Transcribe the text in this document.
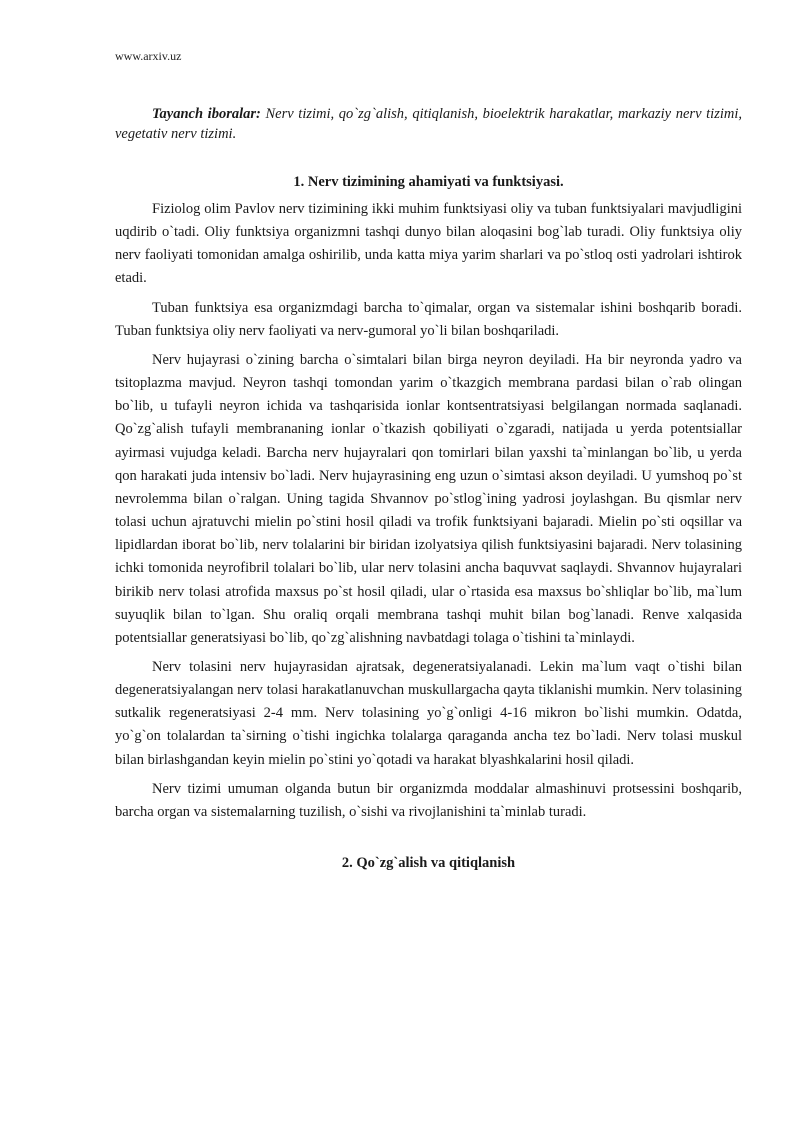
www.arxiv.uz

Tayanch iboralar: Nerv tizimi, qo`zg`alish, qitiqlanish, bioelektrik harakatlar, markaziy nerv tizimi, vegetativ nerv tizimi.

1. Nerv tizimining ahamiyati va funktsiyasi.

Fiziolog olim Pavlov nerv tizimining ikki muhim funktsiyasi oliy va tuban funktsiyalari mavjudligini uqdirib o`tadi. Oliy funktsiya organizmni tashqi dunyo bilan aloqasini bog`lab turadi. Oliy funktsiya oliy nerv faoliyati tomonidan amalga oshirilib, unda katta miya yarim sharlari va po`stloq osti yadrolari ishtirok etadi.

Tuban funktsiya esa organizmdagi barcha to`qimalar, organ va sistemalar ishini boshqarib boradi. Tuban funktsiya oliy nerv faoliyati va nerv-gumoral yo`li bilan boshqariladi.

Nerv hujayrasi o`zining barcha o`simtalari bilan birga neyron deyiladi. Ha bir neyronda yadro va tsitoplazma mavjud. Neyron tashqi tomondan yarim o`tkazgich membrana pardasi bilan o`rab olingan bo`lib, u tufayli neyron ichida va tashqarisida ionlar kontsentratsiyasi belgilangan normada saqlanadi. Qo`zg`alish tufayli membrananing ionlar o`tkazish qobiliyati o`zgaradi, natijada u yerda potentsiallar ayirmasi vujudga keladi. Barcha nerv hujayralari qon tomirlari bilan yaxshi ta`minlangan bo`lib, u yerda qon harakati juda intensiv bo`ladi. Nerv hujayrasining eng uzun o`simtasi akson deyiladi. U yumshoq po`st nevrolemma bilan o`ralgan. Uning tagida Shvannov po`stlog`ining yadrosi joylashgan. Bu qismlar nerv tolasi uchun ajratuvchi mielin po`stini hosil qiladi va trofik funktsiyani bajaradi. Mielin po`sti oqsillar va lipidlardan iborat bo`lib, nerv tolalarini bir biridan izolyatsiya qilish funktsiyasini bajaradi. Nerv tolasining ichki tomonida neyrofibril tolalari bo`lib, ular nerv tolasini ancha baquvvat saqlaydi. Shvannov hujayralari birikib nerv tolasi atrofida maxsus po`st hosil qiladi, ular o`rtasida esa maxsus bo`shliqlar bo`lib, ma`lum suyuqlik bilan to`lgan. Shu oraliq orqali membrana tashqi muhit bilan bog`lanadi. Renve xalqasida potentsiallar generatsiyasi bo`lib, qo`zg`alishning navbatdagi tolaga o`tishini ta`minlaydi.

Nerv tolasini nerv hujayrasidan ajratsak, degeneratsiyalanadi. Lekin ma`lum vaqt o`tishi bilan degeneratsiyalangan nerv tolasi harakatlanuvchan muskullargacha qayta tiklanishi mumkin. Nerv tolasining sutkalik regeneratsiyasi 2-4 mm. Nerv tolasining yo`g`onligi 4-16 mikron bo`lishi mumkin. Odatda, yo`g`on tolalardan ta`sirning o`tishi ingichka tolalarga qaraganda ancha tez bo`ladi. Nerv tolasi muskul bilan birlashgandan keyin mielin po`stini yo`qotadi va harakat blyashkalarini hosil qiladi.

Nerv tizimi umuman olganda butun bir organizmda moddalar almashinuvi protsessini boshqarib, barcha organ va sistemalarning tuzilish, o`sishi va rivojlanishini ta`minlab turadi.

2. Qo`zg`alish va qitiqlanish
